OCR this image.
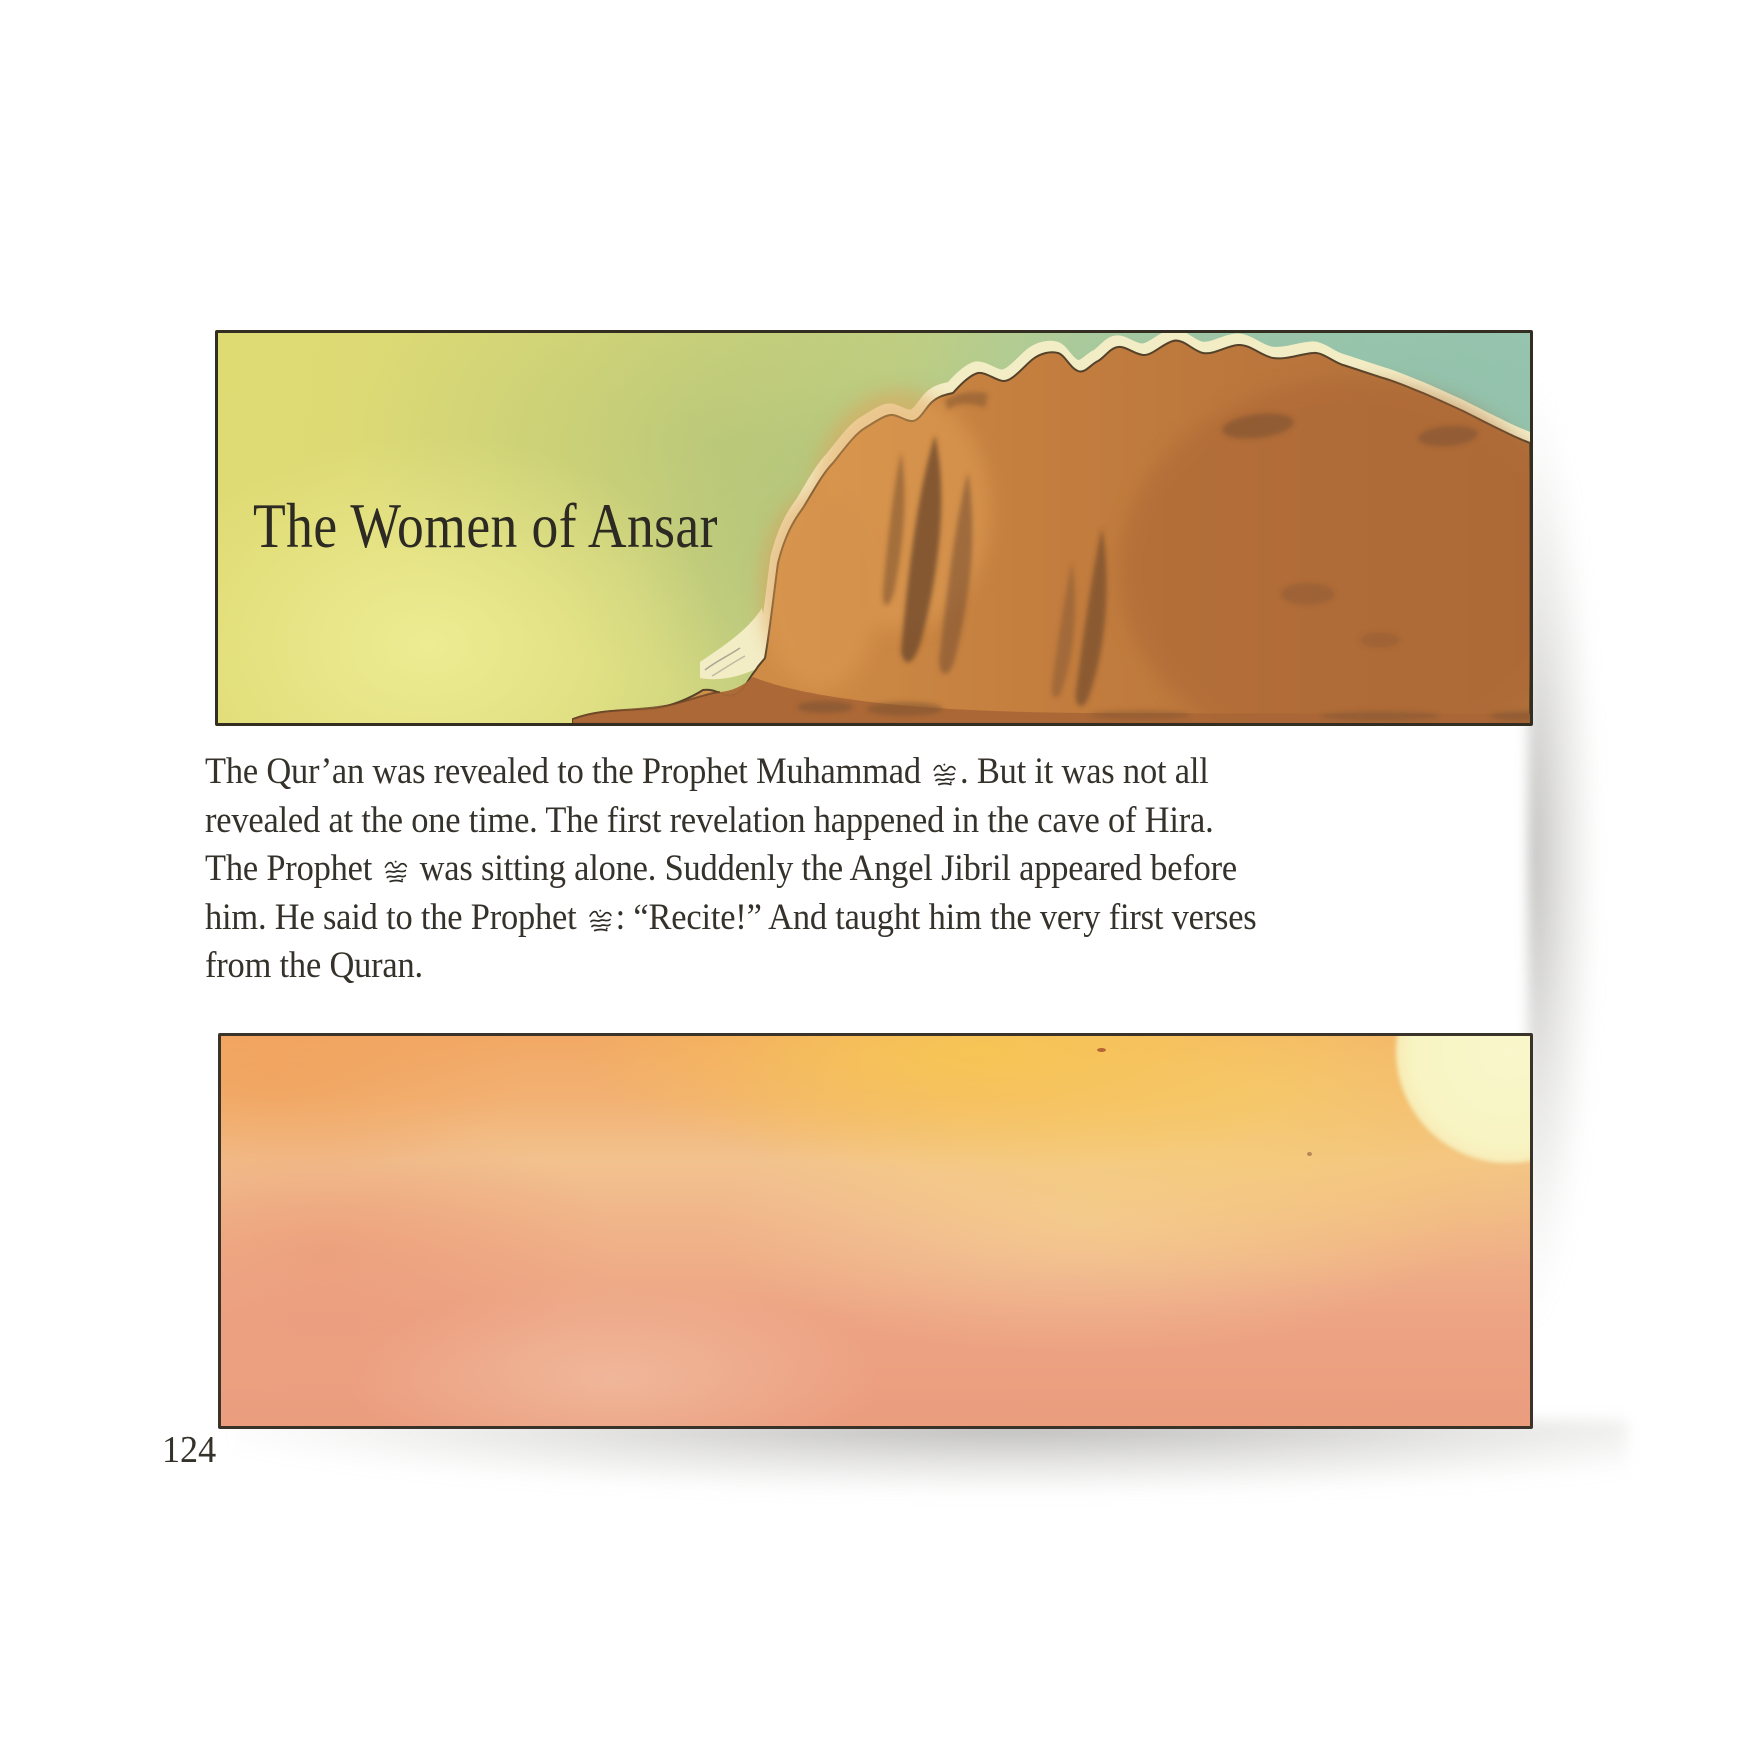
The Women of Ansar
The Qur’an was revealed to the Prophet Muhammad
. But it was not all
revealed at the one time. The first revelation happened in the cave of Hira.
The Prophet
was sitting alone. Suddenly the Angel Jibril appeared before
him. He said to the Prophet
: “Recite!” And taught him the very first verses
from the Quran.
124
